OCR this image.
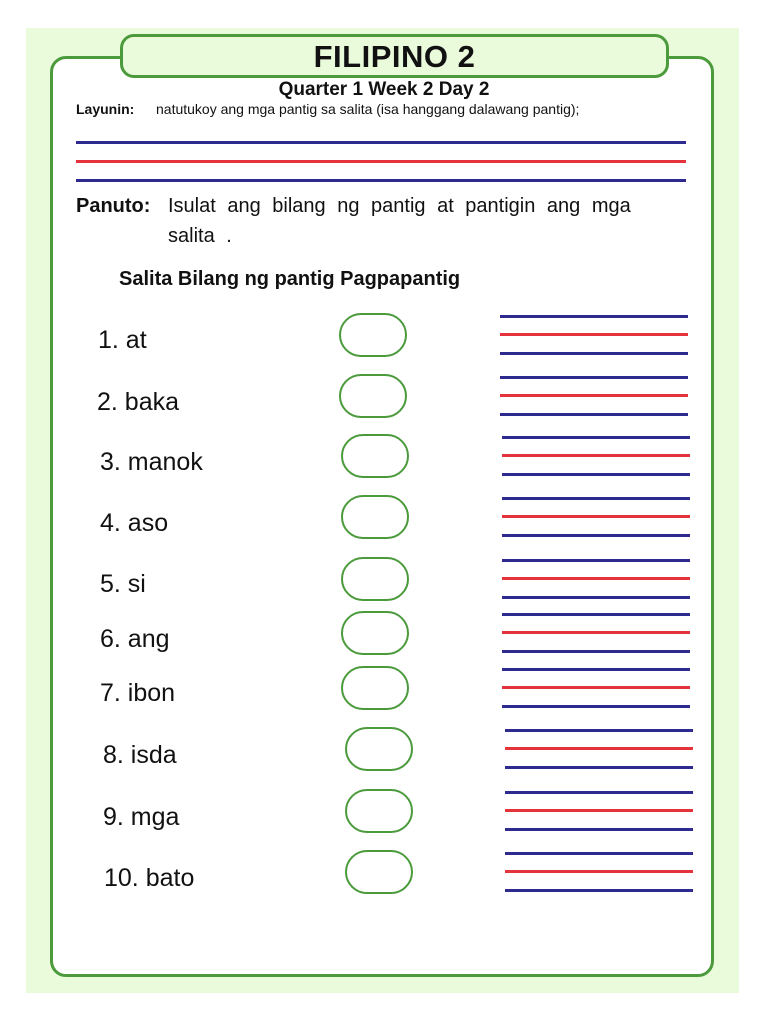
FILIPINO 2
Quarter 1 Week 2 Day 2
Layunin: natutukoy ang mga pantig sa salita (isa hanggang dalawang pantig);
Panuto: Isulat ang bilang ng pantig at pantigin ang mga salita .
Salita Bilang ng pantig Pagpapantig
1. at
2. baka
3. manok
4. aso
5. si
6. ang
7. ibon
8. isda
9. mga
10. bato
